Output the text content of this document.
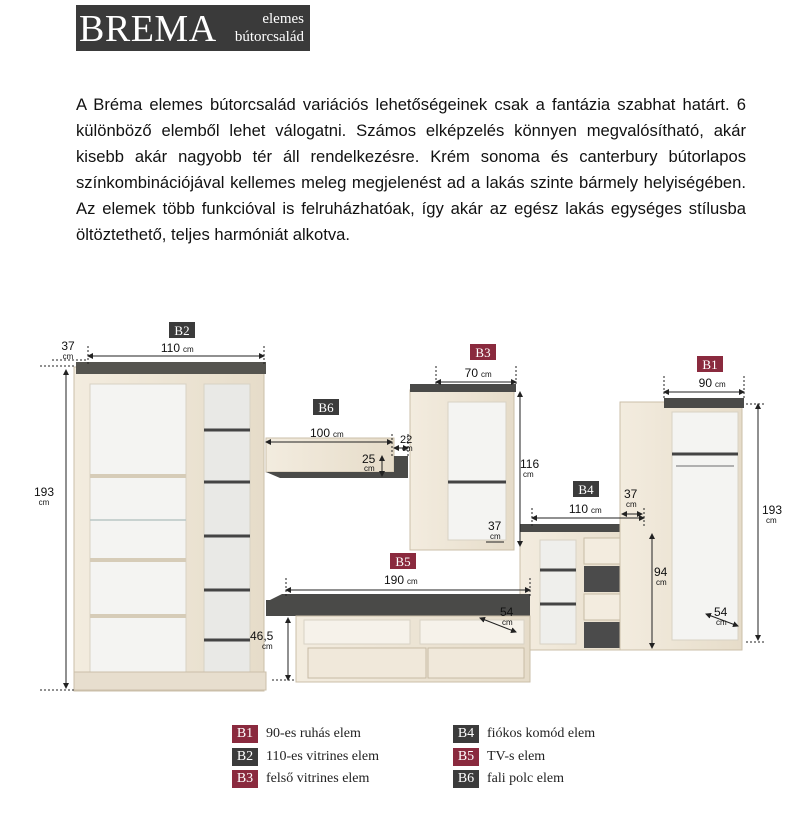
BREMA	elemes
bútorcsalád

A Bréma elemes bútorcsalád variációs lehetőségeinek csak a fantázia szabhat határt. 6 különböző elemből lehet válogatni. Számos elképzelés könnyen megvalósítható, akár kisebb akár nagyobb tér áll rendelkezésre. Krém sonoma és canterbury bútorlapos színkombinációjával kellemes meleg megjelenést ad a lakás szinte bármely helyiségében. Az elemek több funkcióval is felruházhatóak, így akár az egész lakás egységes stílusba öltöztethető, teljes harmóniát alkotva.

B2
B6
B3
B4
B5
B1
37
cm
110 cm
193
cm
100 cm	22
cm
25
cm
70 cm
116
cm
37
cm
110 cm
37
cm
94
cm
190 cm
54
cm
46,5
cm
90 cm
193
cm
54
cm
B1 90-es ruhás elem
B2 110-es vitrines elem
B3 felső vitrines elem
B4 fiókos komód elem
B5 TV-s elem
B6 fali polc elem
